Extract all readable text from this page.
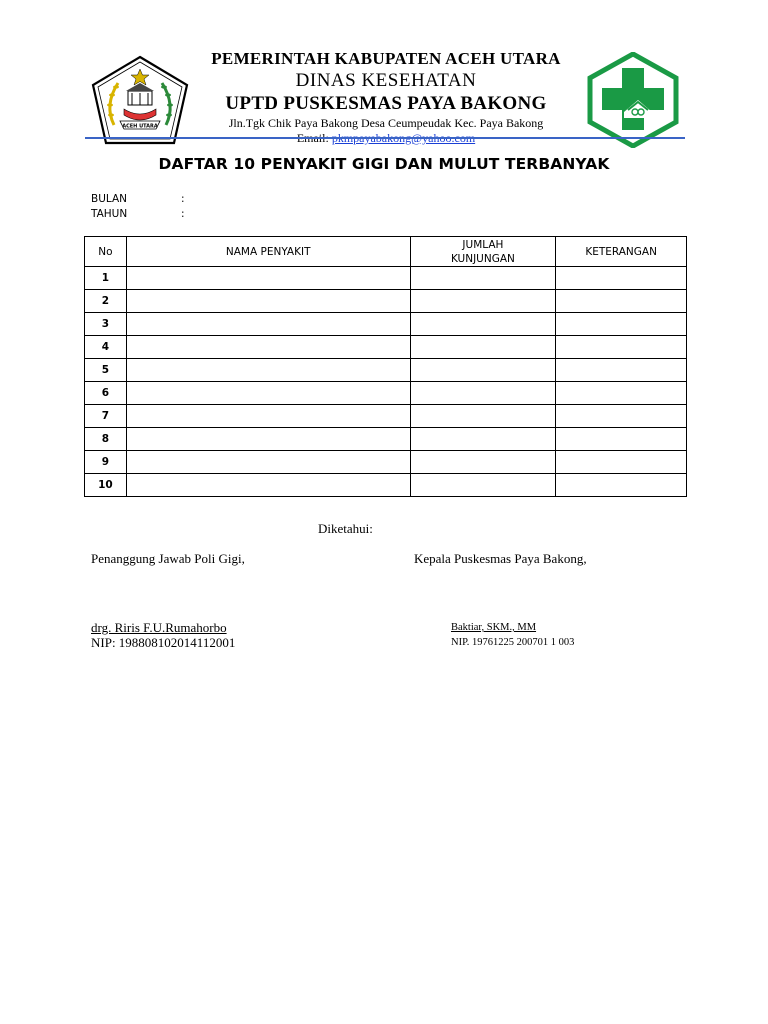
ACEH UTARA
PEMERINTAH KABUPATEN ACEH UTARA
DINAS KESEHATAN
UPTD PUSKESMAS PAYA BAKONG
Jln.Tgk Chik Paya Bakong Desa Ceumpeudak Kec. Paya Bakong
DAFTAR 10 PENYAKIT GIGI DAN MULUT TERBANYAK
BULAN	:
TAHUN	:
No	NAMA PENYAKIT	JUMLAH KUNJUNGAN	KETERANGAN
1			
2			
3			
4			
5			
6			
7			
8			
9			
10			
Diketahui:
Penanggung Jawab Poli Gigi,	Kepala Puskesmas Paya Bakong,
drg. Riris F.U.Rumahorbo
NIP: 198808102014112001
Baktiar, SKM., MM
NIP. 19761225 200701 1 003
